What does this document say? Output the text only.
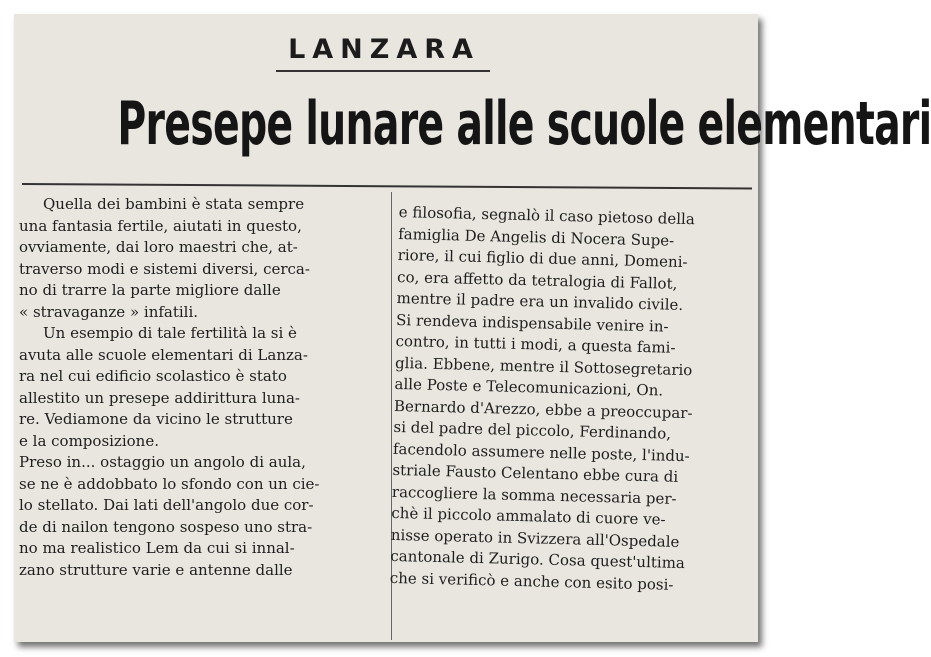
LANZARA
Presepe lunare alle scuole elementari
Quella dei bambini è stata sempre
una fantasia fertile, aiutati in questo,
ovviamente, dai loro maestri che, at-
traverso modi e sistemi diversi, cerca-
no di trarre la parte migliore dalle
« stravaganze » infatili.
Un esempio di tale fertilità la si è
avuta alle scuole elementari di Lanza-
ra nel cui edificio scolastico è stato
allestito un presepe addirittura luna-
re. Vediamone da vicino le strutture
e la composizione.
Preso in... ostaggio un angolo di aula,
se ne è addobbato lo sfondo con un cie-
lo stellato. Dai lati dell'angolo due cor-
de di nailon tengono sospeso uno stra-
no ma realistico Lem da cui si innal-
zano strutture varie e antenne dalle
e filosofia, segnalò il caso pietoso della
famiglia De Angelis di Nocera Supe-
riore, il cui figlio di due anni, Domeni-
co, era affetto da tetralogia di Fallot,
mentre il padre era un invalido civile.
Si rendeva indispensabile venire in-
contro, in tutti i modi, a questa fami-
glia. Ebbene, mentre il Sottosegretario
alle Poste e Telecomunicazioni, On.
Bernardo d'Arezzo, ebbe a preoccupar-
si del padre del piccolo, Ferdinando,
facendolo assumere nelle poste, l'indu-
striale Fausto Celentano ebbe cura di
raccogliere la somma necessaria per-
chè il piccolo ammalato di cuore ve-
nisse operato in Svizzera all'Ospedale
cantonale di Zurigo. Cosa quest'ultima
che si verificò e anche con esito posi-
